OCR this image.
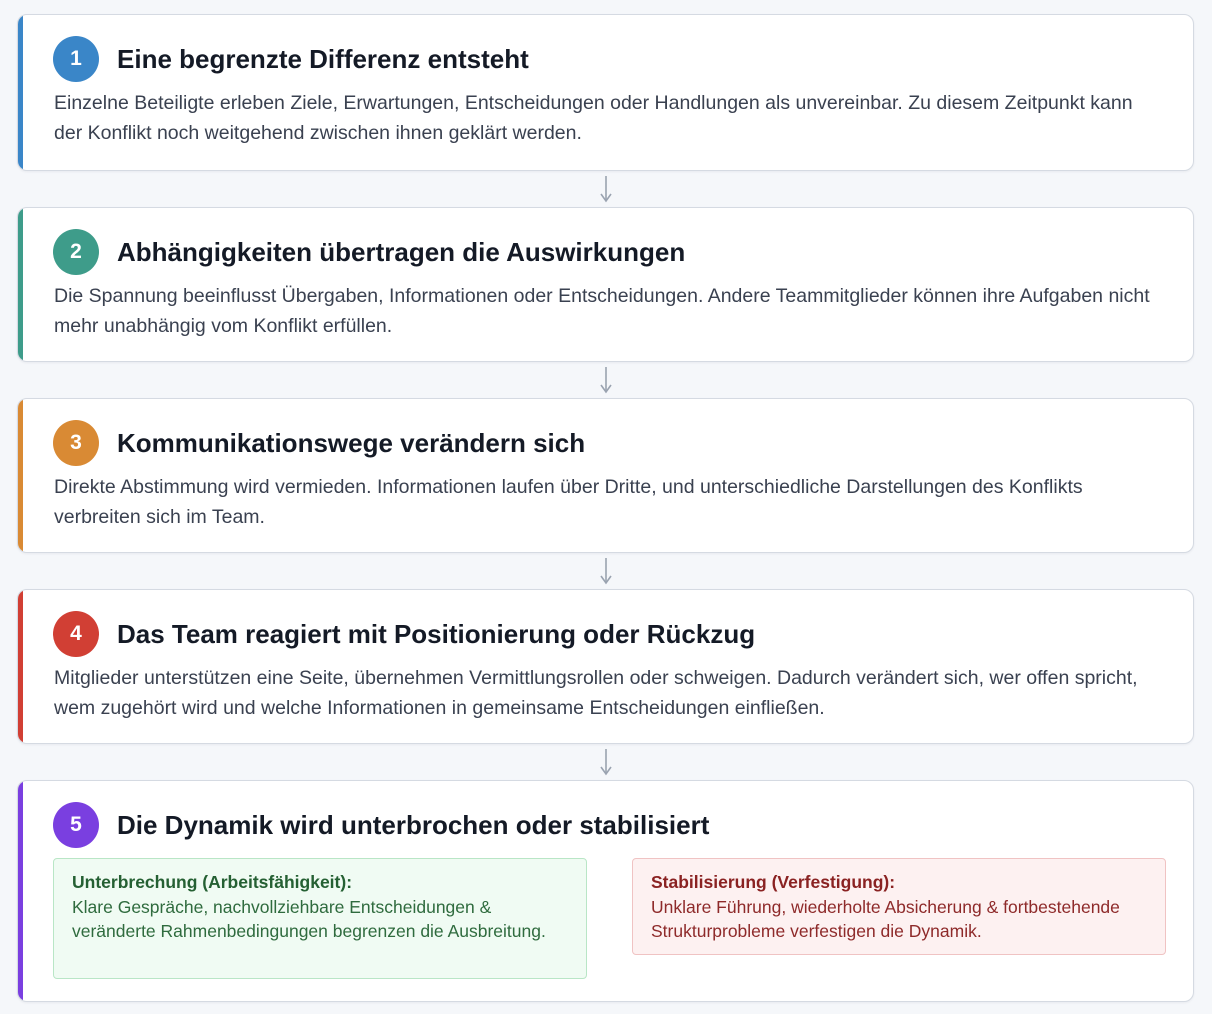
1	Eine begrenzte Differenz entsteht
Einzelne Beteiligte erleben Ziele, Erwartungen, Entscheidungen oder Handlungen als unvereinbar. Zu diesem Zeitpunkt kann der Konflikt noch weitgehend zwischen ihnen geklärt werden.
2	Abhängigkeiten übertragen die Auswirkungen
Die Spannung beeinflusst Übergaben, Informationen oder Entscheidungen. Andere Teammitglieder können ihre Aufgaben nicht mehr unabhängig vom Konflikt erfüllen.
3	Kommunikationswege verändern sich
Direkte Abstimmung wird vermieden. Informationen laufen über Dritte, und unterschiedliche Darstellungen des Konflikts verbreiten sich im Team.
4	Das Team reagiert mit Positionierung oder Rückzug
Mitglieder unterstützen eine Seite, übernehmen Vermittlungsrollen oder schweigen. Dadurch verändert sich, wer offen spricht, wem zugehört wird und welche Informationen in gemeinsame Entscheidungen einfließen.
5	Die Dynamik wird unterbrochen oder stabilisiert
Unterbrechung (Arbeitsfähigkeit):
Klare Gespräche, nachvollziehbare Entscheidungen & veränderte Rahmenbedingungen begrenzen die Ausbreitung.
Stabilisierung (Verfestigung):
Unklare Führung, wiederholte Absicherung & fortbestehende Strukturprobleme verfestigen die Dynamik.
